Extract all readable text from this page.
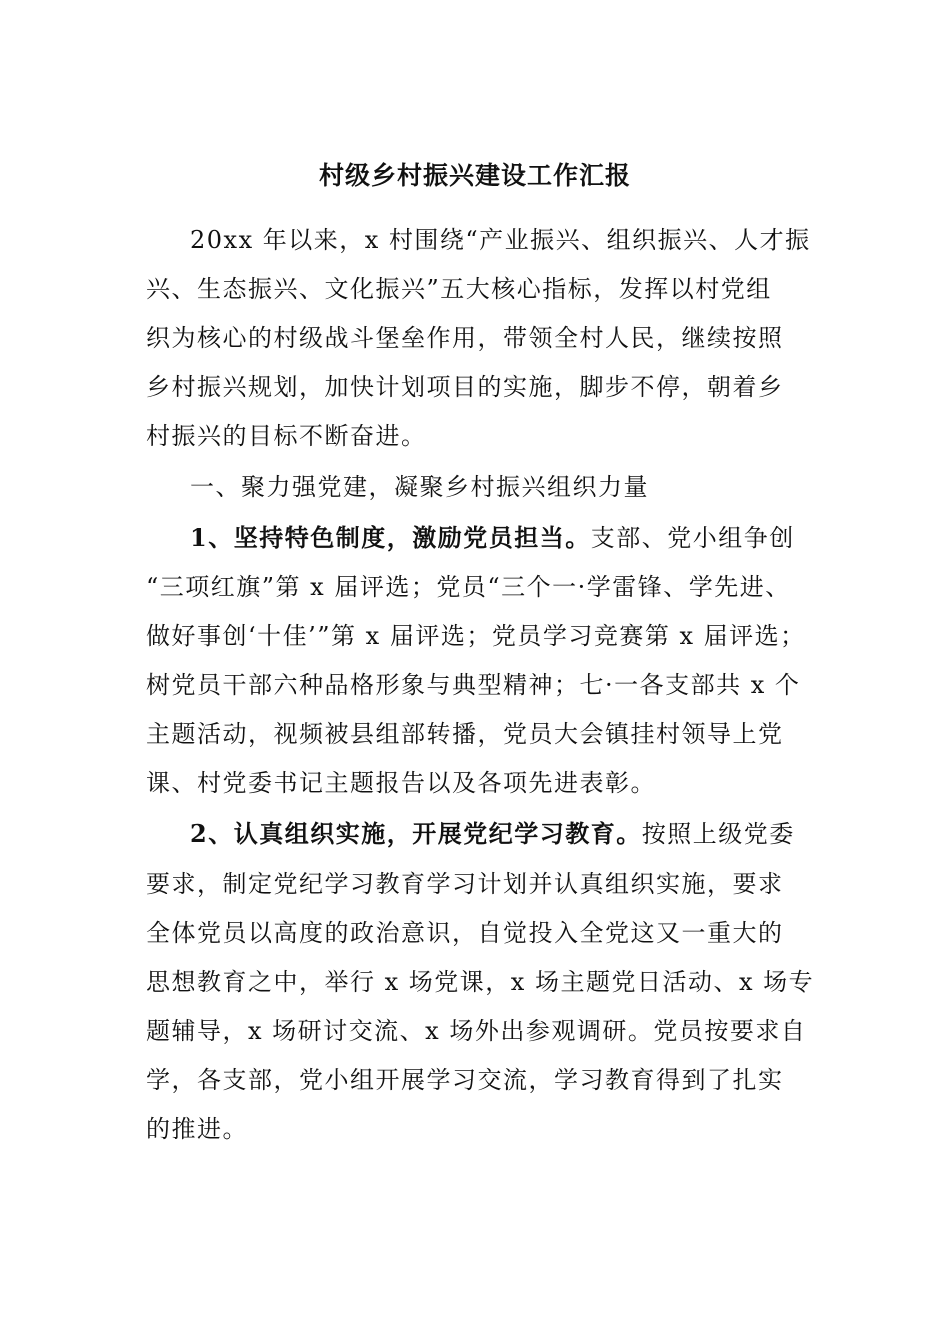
村级乡村振兴建设工作汇报
20xx 年以来，x 村围绕“产业振兴、组织振兴、人才振
兴、生态振兴、文化振兴”五大核心指标，发挥以村党组
织为核心的村级战斗堡垒作用，带领全村人民，继续按照
乡村振兴规划，加快计划项目的实施，脚步不停，朝着乡
村振兴的目标不断奋进。
一、聚力强党建，凝聚乡村振兴组织力量
1、坚持特色制度，激励党员担当。支部、党小组争创
“三项红旗”第 x 届评选；党员“三个一·学雷锋、学先进、
做好事创‘十佳’”第 x 届评选；党员学习竞赛第 x 届评选；
树党员干部六种品格形象与典型精神；七·一各支部共 x 个
主题活动，视频被县组部转播，党员大会镇挂村领导上党
课、村党委书记主题报告以及各项先进表彰。
2、认真组织实施，开展党纪学习教育。按照上级党委
要求，制定党纪学习教育学习计划并认真组织实施，要求
全体党员以高度的政治意识，自觉投入全党这又一重大的
思想教育之中，举行 x 场党课，x 场主题党日活动、x 场专
题辅导，x 场研讨交流、x 场外出参观调研。党员按要求自
学，各支部，党小组开展学习交流，学习教育得到了扎实
的推进。
